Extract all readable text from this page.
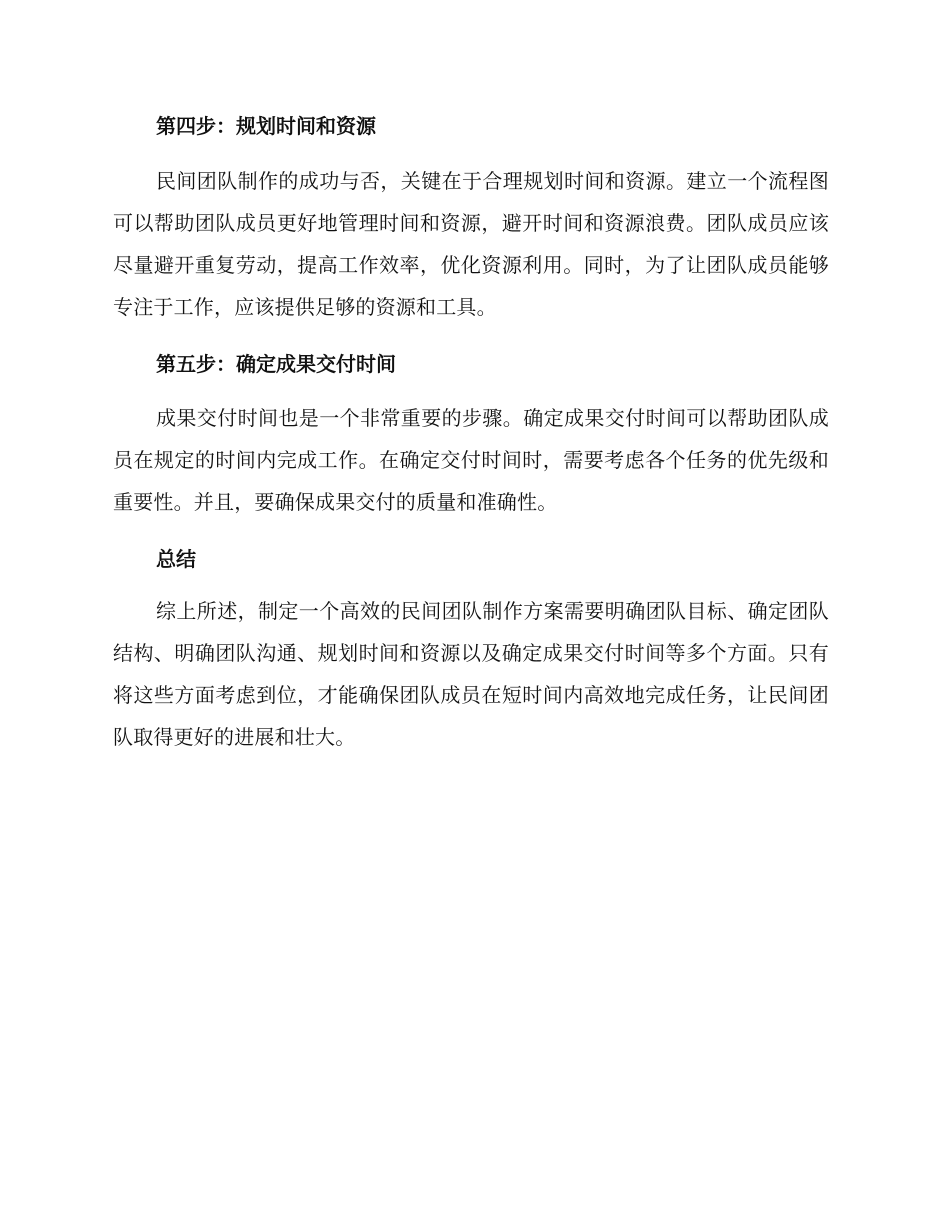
第四步：规划时间和资源
民间团队制作的成功与否，关键在于合理规划时间和资源。建立一个流程图可以帮助团队成员更好地管理时间和资源，避开时间和资源浪费。团队成员应该尽量避开重复劳动，提高工作效率，优化资源利用。同时，为了让团队成员能够专注于工作，应该提供足够的资源和工具。
第五步：确定成果交付时间
成果交付时间也是一个非常重要的步骤。确定成果交付时间可以帮助团队成员在规定的时间内完成工作。在确定交付时间时，需要考虑各个任务的优先级和重要性。并且，要确保成果交付的质量和准确性。
总结
综上所述，制定一个高效的民间团队制作方案需要明确团队目标、确定团队结构、明确团队沟通、规划时间和资源以及确定成果交付时间等多个方面。只有将这些方面考虑到位，才能确保团队成员在短时间内高效地完成任务，让民间团队取得更好的进展和壮大。
